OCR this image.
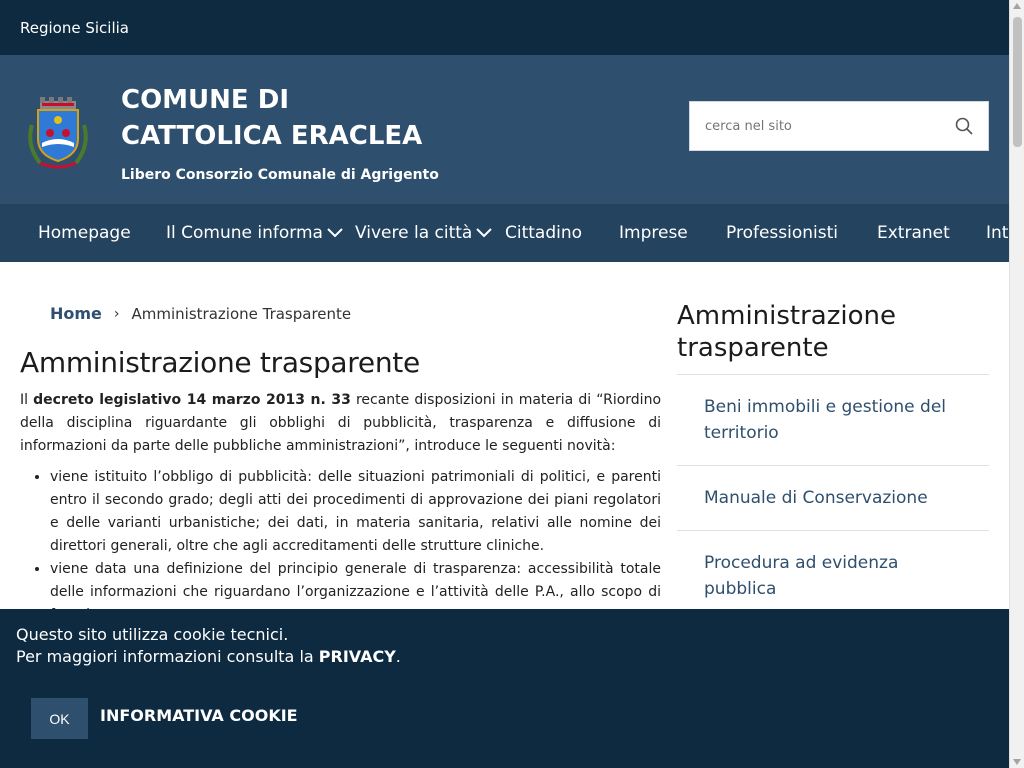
Regione Sicilia
COMUNE DI CATTOLICA ERACLEA
Libero Consorzio Comunale di Agrigento
cerca nel sito
Homepage Il Comune informa Vivere la città Cittadino Imprese Professionisti Extranet Int
Home › Amministrazione Trasparente
Amministrazione trasparente

Il decreto legislativo 14 marzo 2013 n. 33 recante disposizioni in materia di “Riordino della disciplina riguardante gli obblighi di pubblicità, trasparenza e diffusione di informazioni da parte delle pubbliche amministrazioni”, introduce le seguenti novità:

• viene istituito l’obbligo di pubblicità: delle situazioni patrimoniali di politici, e parenti entro il secondo grado; degli atti dei procedimenti di approvazione dei piani regolatori e delle varianti urbanistiche; dei dati, in materia sanitaria, relativi alle nomine dei direttori generali, oltre che agli accreditamenti delle strutture cliniche.
• viene data una definizione del principio generale di trasparenza: accessibilità totale delle informazioni che riguardano l’organizzazione e l’attività delle P.A., allo scopo di
Amministrazione trasparente
Beni immobili e gestione del territorio
Manuale di Conservazione
Procedura ad evidenza pubblica
Questo sito utilizza cookie tecnici.
Per maggiori informazioni consulta la PRIVACY.
OK	INFORMATIVA COOKIE
